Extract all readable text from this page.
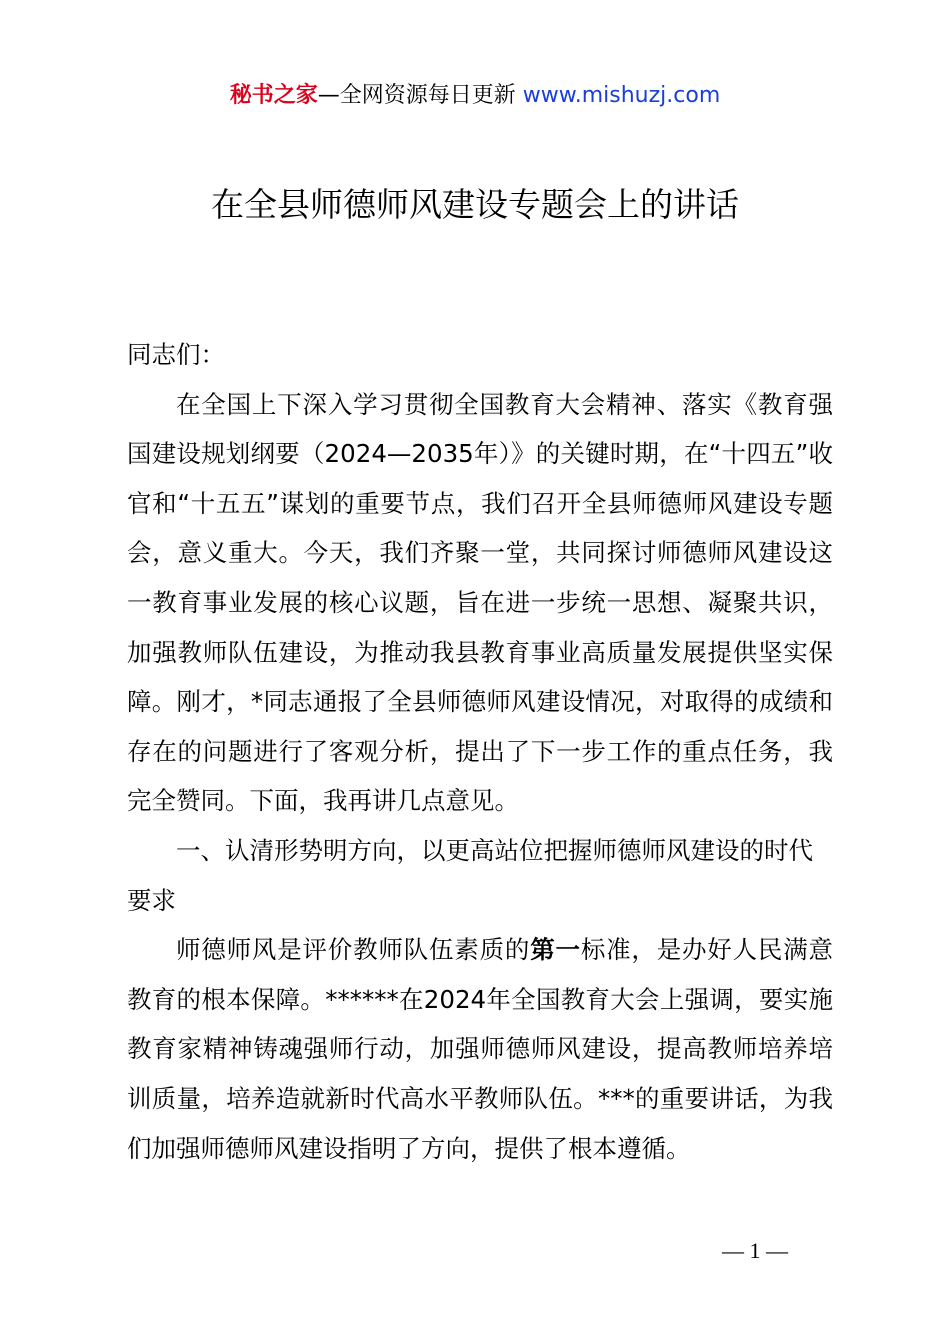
秘书之家—全网资源每日更新 www.mishuzj.com
在全县师德师风建设专题会上的讲话

同志们：

在全国上下深入学习贯彻全国教育大会精神、落实《教育强国建设规划纲要（2024—2035年）》的关键时期，在“十四五”收官和“十五五”谋划的重要节点，我们召开全县师德师风建设专题会，意义重大。今天，我们齐聚一堂，共同探讨师德师风建设这一教育事业发展的核心议题，旨在进一步统一思想、凝聚共识，加强教师队伍建设，为推动我县教育事业高质量发展提供坚实保障。刚才，*同志通报了全县师德师风建设情况，对取得的成绩和存在的问题进行了客观分析，提出了下一步工作的重点任务，我完全赞同。下面，我再讲几点意见。

一、认清形势明方向，以更高站位把握师德师风建设的时代要求

师德师风是评价教师队伍素质的第一标准，是办好人民满意教育的根本保障。******在2024年全国教育大会上强调，要实施教育家精神铸魂强师行动，加强师德师风建设，提高教师培养培训质量，培养造就新时代高水平教师队伍。***的重要讲话，为我们加强师德师风建设指明了方向，提供了根本遵循。

— 1 —
